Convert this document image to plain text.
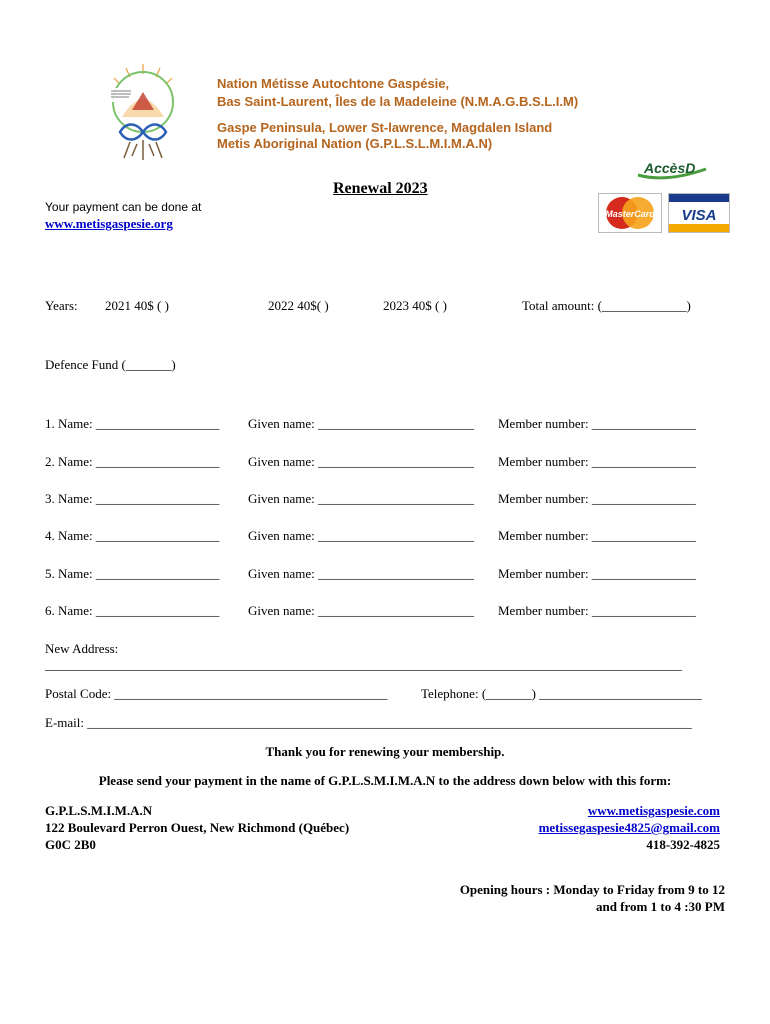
Nation Métisse Autochtone Gaspésie,
Bas Saint-Laurent, Îles de la Madeleine (N.M.A.G.B.S.L.I.M)
Gaspe Peninsula, Lower St-lawrence, Magdalen Island
Metis Aboriginal Nation (G.P.L.S.L.M.I.M.A.N)
AccèsD
Renewal 2023
MasterCard VISA
Your payment can be done at
www.metisgaspesie.org
Years: 2021 40$ ( )	2022 40$( )	2023 40$ ( )	Total amount: (_____________)
Defence Fund (_______)
1. Name: ___________________ Given name: ________________________ Member number: ________________
2. Name: ___________________ Given name: ________________________ Member number: ________________
3. Name: ___________________ Given name: ________________________ Member number: ________________
4. Name: ___________________ Given name: ________________________ Member number: ________________
5. Name: ___________________ Given name: ________________________ Member number: ________________
6. Name: ___________________ Given name: ________________________ Member number: ________________
New Address:
__________________________________________________________________________________________________
Postal Code: __________________________________________	Telephone: (_______) _________________________
E-mail: _____________________________________________________________________________________________
Thank you for renewing your membership.
Please send your payment in the name of G.P.L.S.M.I.M.A.N to the address down below with this form:
G.P.L.S.M.I.M.A.N
122 Boulevard Perron Ouest, New Richmond (Québec)
G0C 2B0
www.metisgaspesie.com
metissegaspesie4825@gmail.com
418-392-4825
Opening hours : Monday to Friday from 9 to 12
and from 1 to 4 :30 PM
